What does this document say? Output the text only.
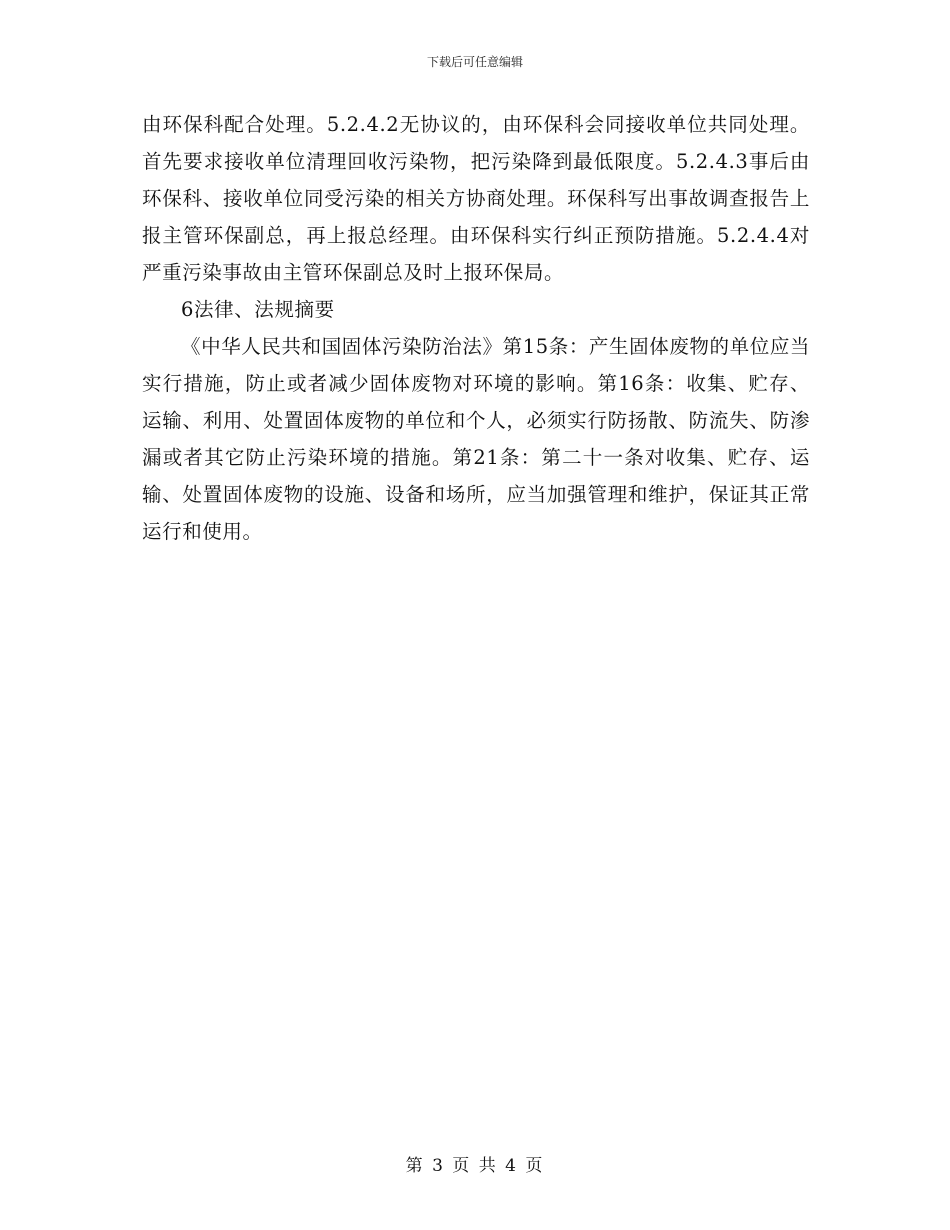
下载后可任意编辑

由环保科配合处理。5.2.4.2无协议的，由环保科会同接收单位共同处理。首先要求接收单位清理回收污染物，把污染降到最低限度。5.2.4.3事后由环保科、接收单位同受污染的相关方协商处理。环保科写出事故调查报告上报主管环保副总，再上报总经理。由环保科实行纠正预防措施。5.2.4.4对严重污染事故由主管环保副总及时上报环保局。

6法律、法规摘要

《中华人民共和国固体污染防治法》第15条：产生固体废物的单位应当实行措施，防止或者减少固体废物对环境的影响。第16条：收集、贮存、运输、利用、处置固体废物的单位和个人，必须实行防扬散、防流失、防渗漏或者其它防止污染环境的措施。第21条：第二十一条对收集、贮存、运输、处置固体废物的设施、设备和场所，应当加强管理和维护，保证其正常运行和使用。

第 3 页 共 4 页
